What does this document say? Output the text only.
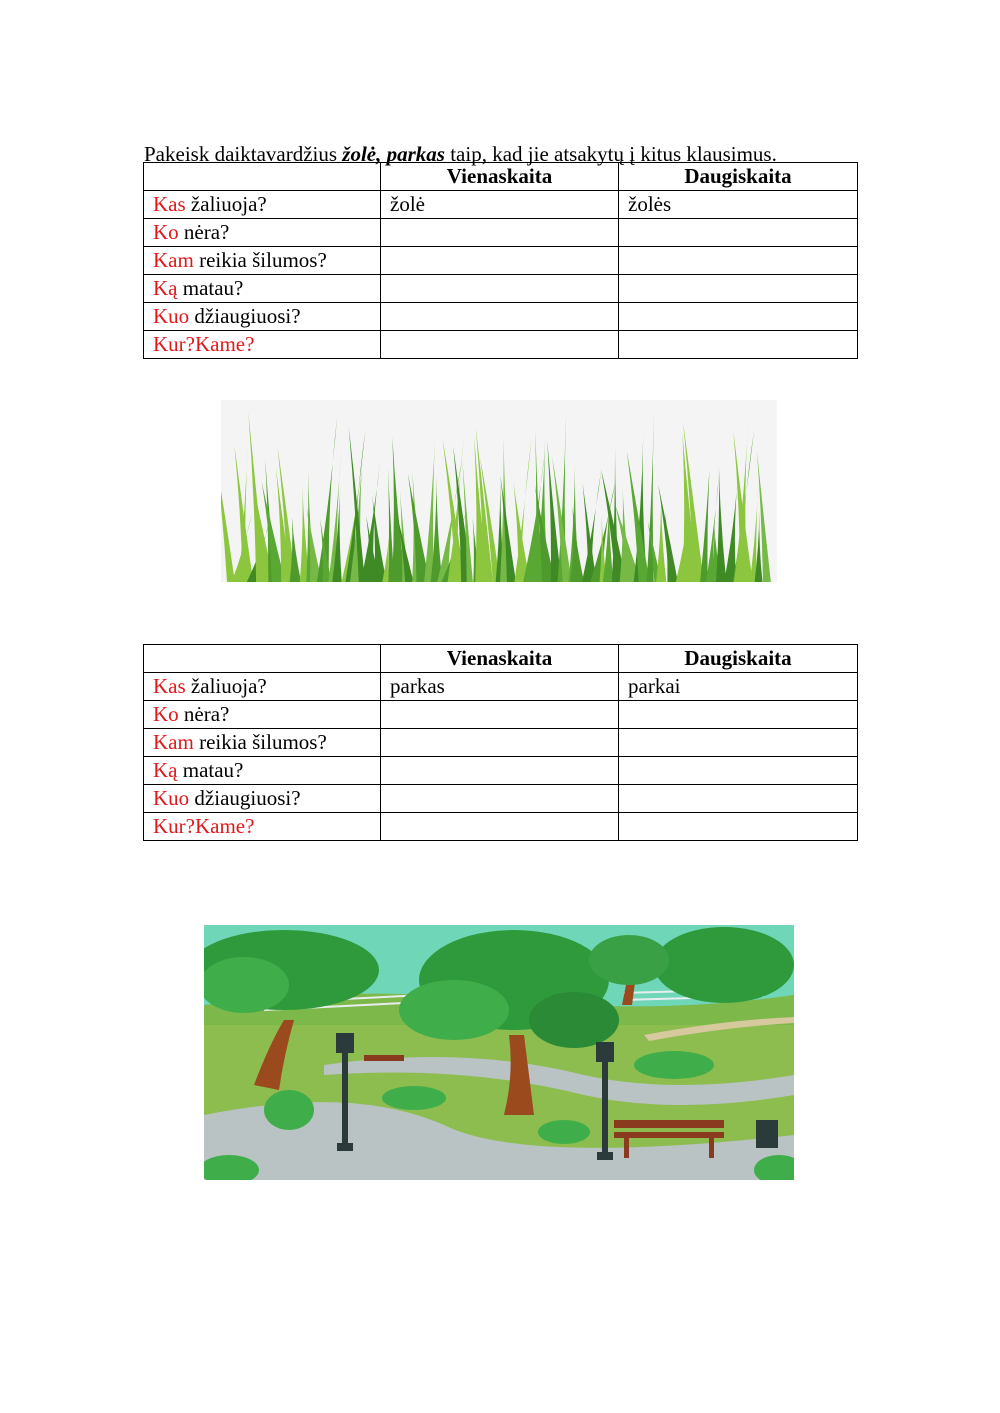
Pakeisk daiktavardžius žolė, parkas taip, kad jie atsakytų į kitus klausimus.

	Vienaskaita	Daugiskaita
Kas žaliuoja?	žolė	žolės
Ko nėra?		
Kam reikia šilumos?		
Ką matau?		
Kuo džiaugiuosi?		
Kur?Kame?		
	Vienaskaita	Daugiskaita
Kas žaliuoja?	parkas	parkai
Ko nėra?		
Kam reikia šilumos?		
Ką matau?		
Kuo džiaugiuosi?		
Kur?Kame?		
